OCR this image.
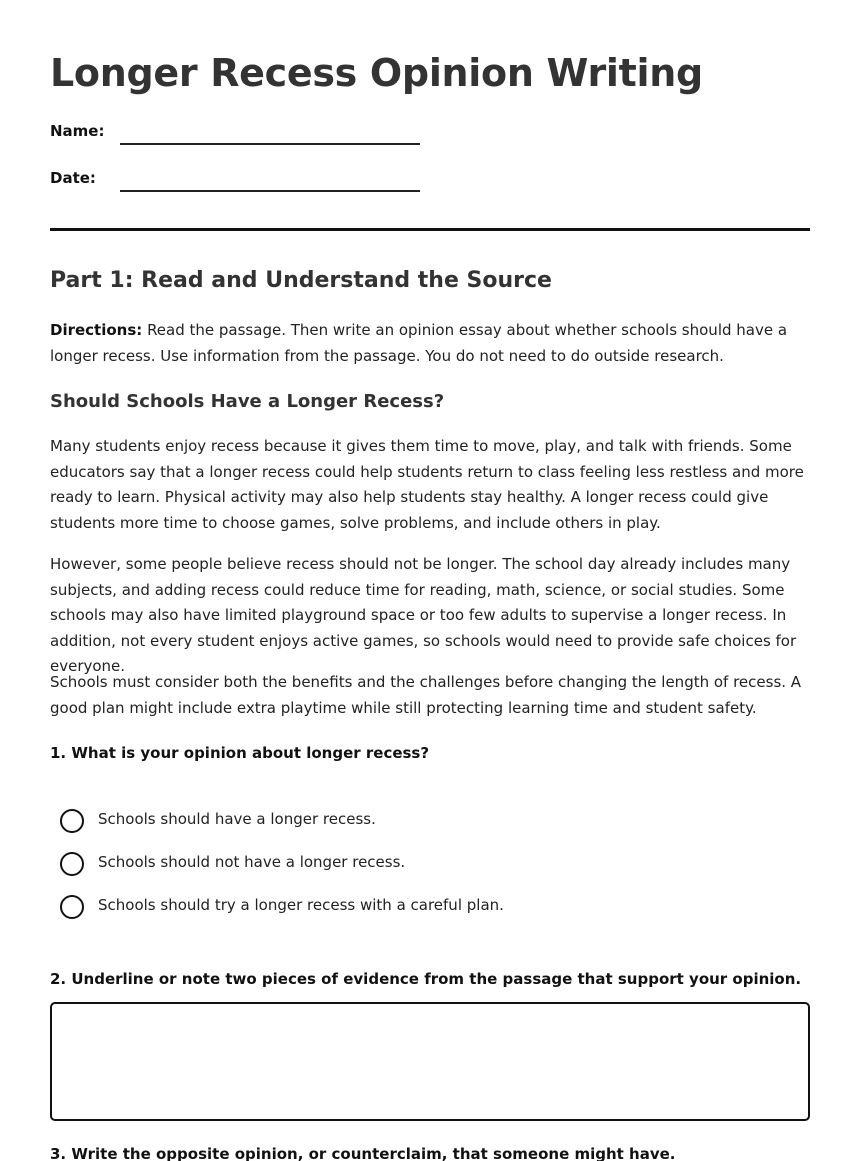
Longer Recess Opinion Writing
Name:
Date:
Part 1: Read and Understand the Source
Directions: Read the passage. Then write an opinion essay about whether schools should have a longer recess. Use information from the passage. You do not need to do outside research.
Should Schools Have a Longer Recess?

Many students enjoy recess because it gives them time to move, play, and talk with friends. Some educators say that a longer recess could help students return to class feeling less restless and more ready to learn. Physical activity may also help students stay healthy. A longer recess could give students more time to choose games, solve problems, and include others in play.

However, some people believe recess should not be longer. The school day already includes many subjects, and adding recess could reduce time for reading, math, science, or social studies. Some schools may also have limited playground space or too few adults to supervise a longer recess. In addition, not every student enjoys active games, so schools would need to provide safe choices for everyone.

Schools must consider both the benefits and the challenges before changing the length of recess. A good plan might include extra playtime while still protecting learning time and student safety.

1. What is your opinion about longer recess?
Schools should have a longer recess.
Schools should not have a longer recess.
Schools should try a longer recess with a careful plan.
2. Underline or note two pieces of evidence from the passage that support your opinion.
3. Write the opposite opinion, or counterclaim, that someone might have.
